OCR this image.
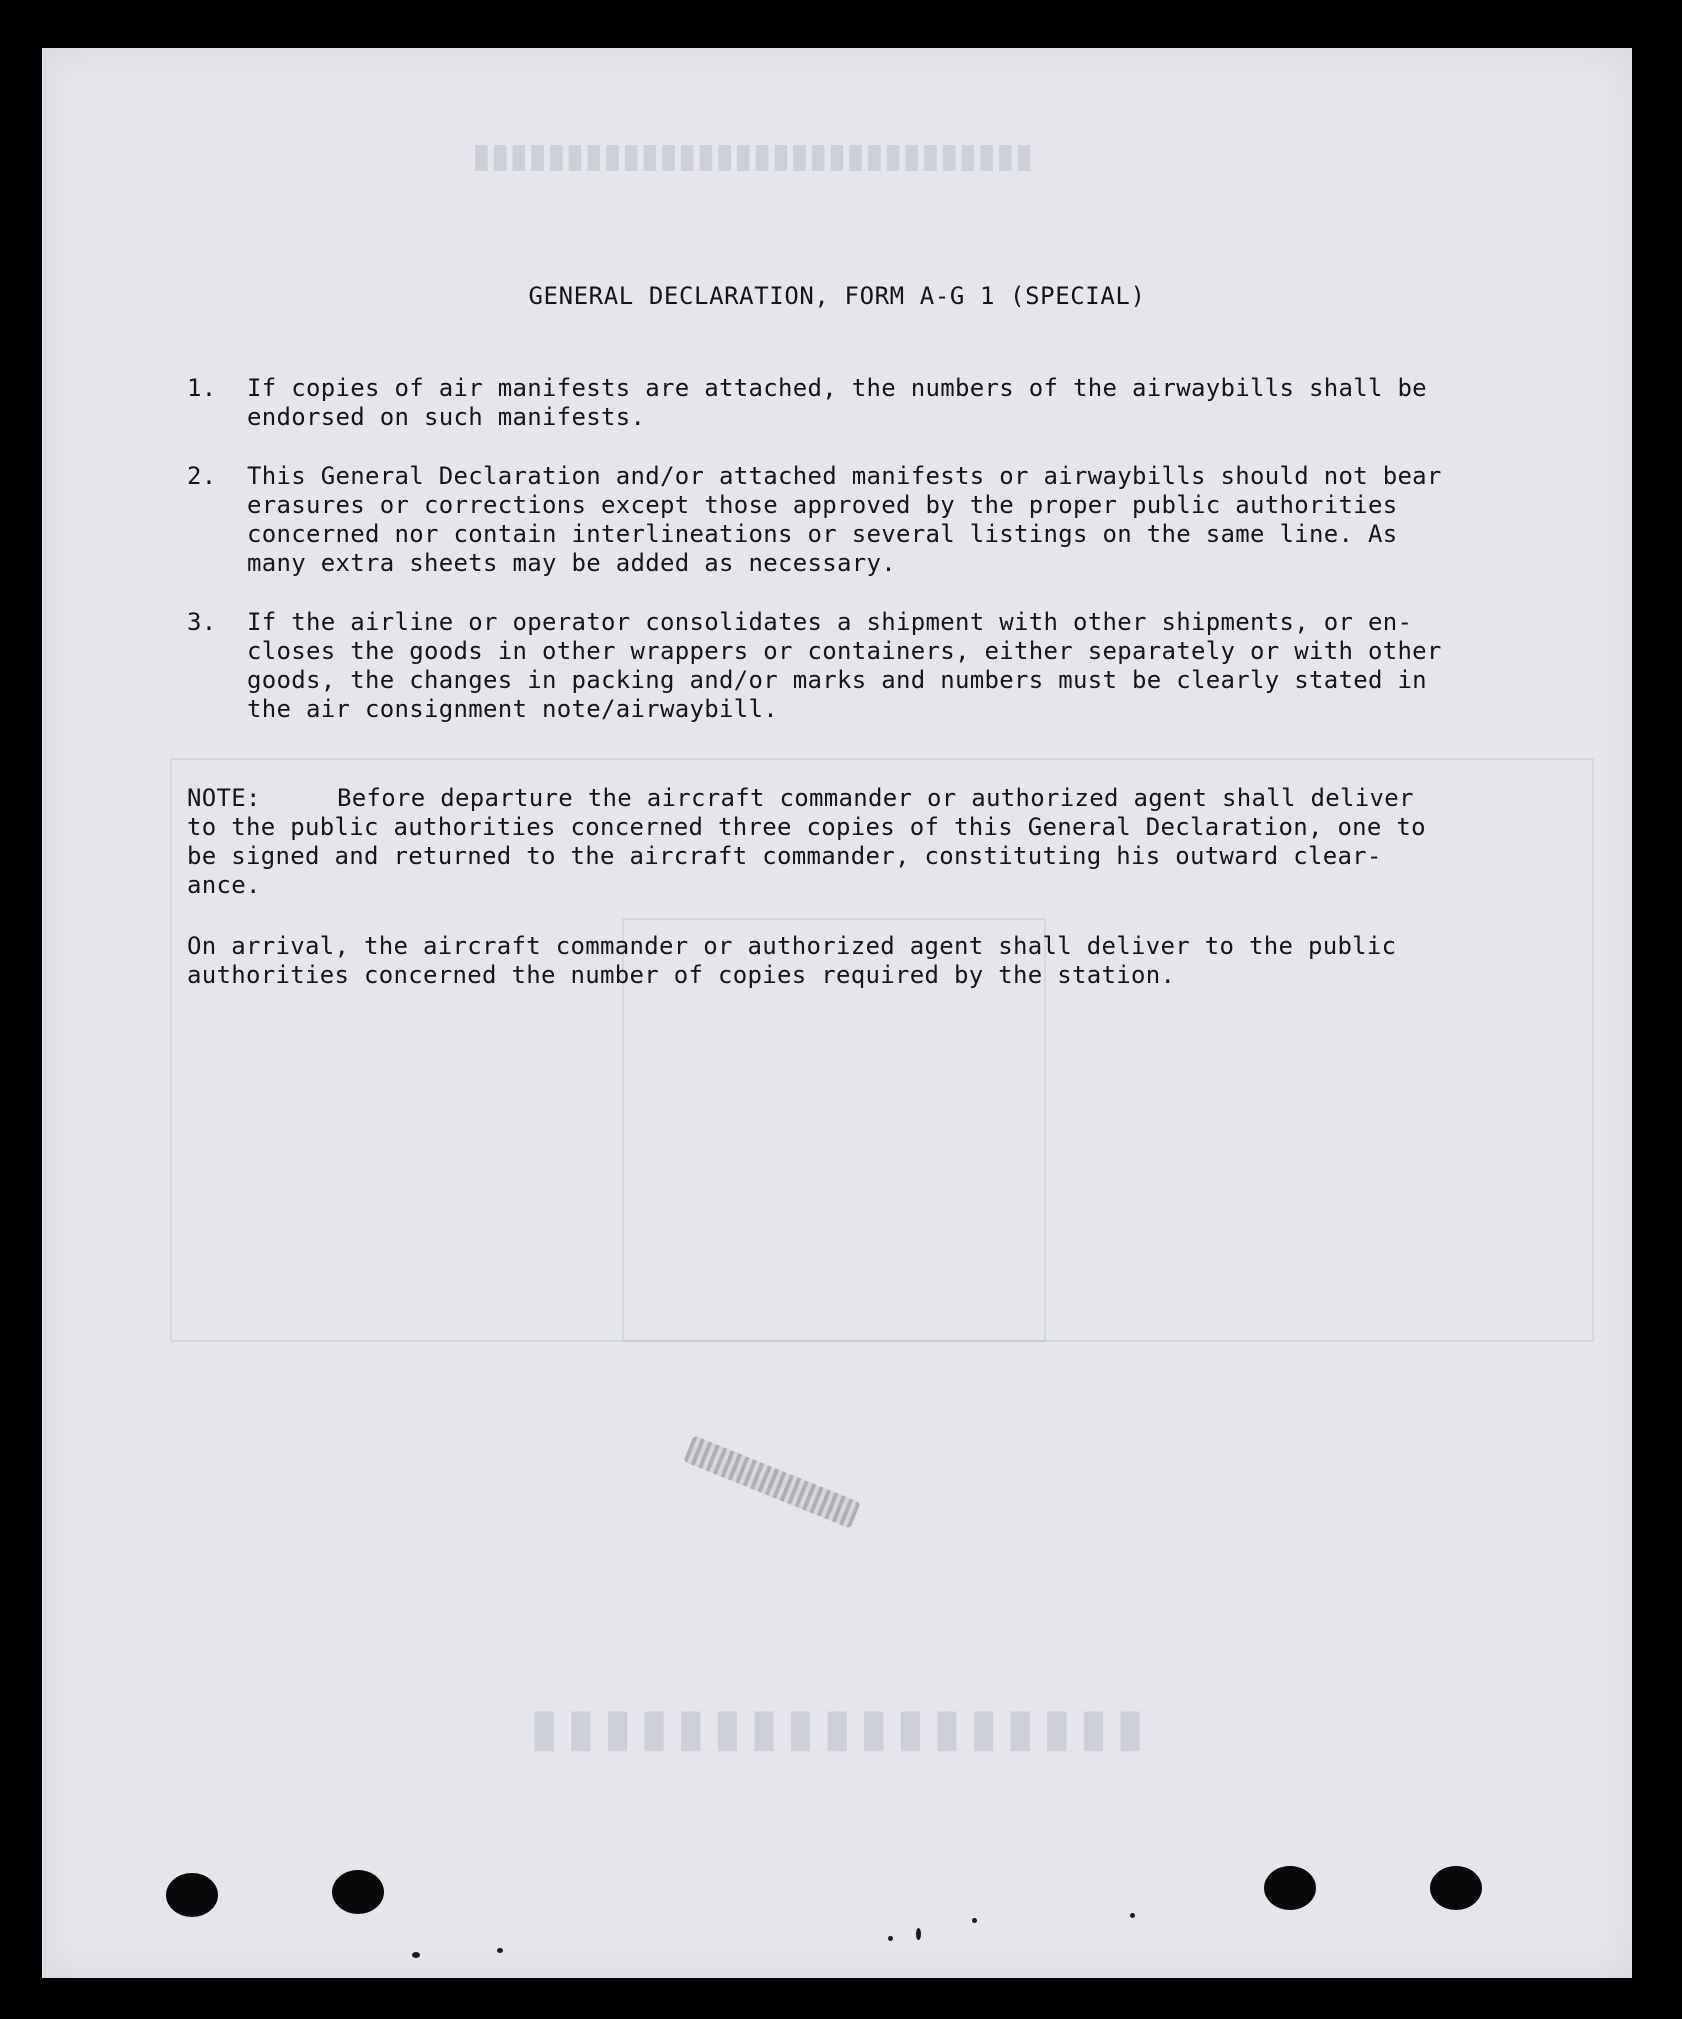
▮▮▮▮▮▮▮▮▮▮▮▮▮▮▮▮▮▮▮▮▮▮▮▮▮▮▮▮▮▮
▮▮▮▮▮▮▮▮▮▮▮▮▮▮▮▮▮
GENERAL DECLARATION, FORM A-G 1 (SPECIAL)
1.	If copies of air manifests are attached, the numbers of the airwaybills shall be
endorsed on such manifests.
2.	This General Declaration and/or attached manifests or airwaybills should not bear
erasures or corrections except those approved by the proper public authorities
concerned nor contain interlineations or several listings on the same line. As
many extra sheets may be added as necessary.
3.	If the airline or operator consolidates a shipment with other shipments, or en-
closes the goods in other wrappers or containers, either separately or with other
goods, the changes in packing and/or marks and numbers must be clearly stated in
the air consignment note/airwaybill.
NOTE:	Before departure the aircraft commander or authorized agent shall deliver
to the public authorities concerned three copies of this General Declaration, one to
be signed and returned to the aircraft commander, constituting his outward clear-
ance.
On arrival, the aircraft commander or authorized agent shall deliver to the public
authorities concerned the number of copies required by the station.
